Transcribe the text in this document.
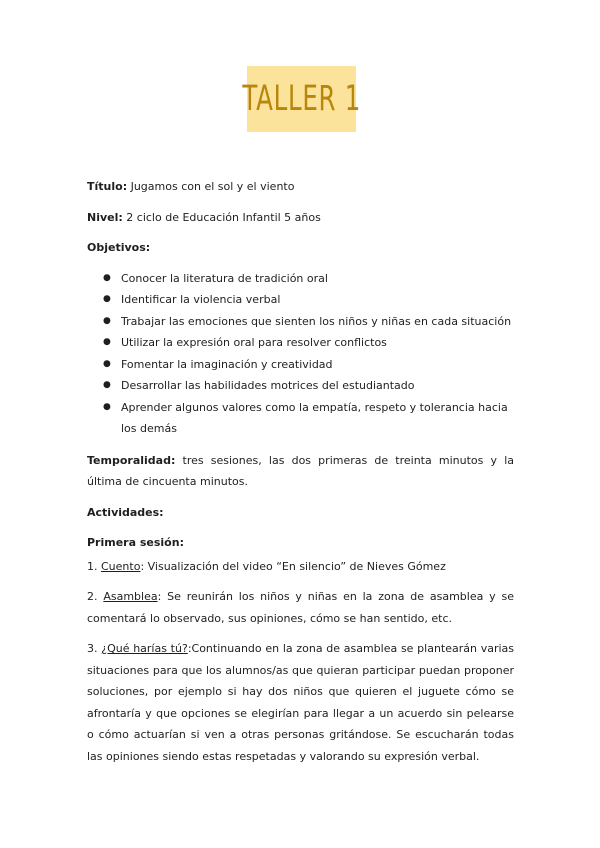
TALLER 1

Título: Jugamos con el sol y el viento

Nivel: 2 ciclo de Educación Infantil 5 años

Objetivos:

● Conocer la literatura de tradición oral
● Identificar la violencia verbal
● Trabajar las emociones que sienten los niños y niñas en cada situación
● Utilizar la expresión oral para resolver conflictos
● Fomentar la imaginación y creatividad
● Desarrollar las habilidades motrices del estudiantado
● Aprender algunos valores como la empatía, respeto y tolerancia hacia los demás

Temporalidad: tres sesiones, las dos primeras de treinta minutos y la última de cincuenta minutos.

Actividades:

Primera sesión:

1. Cuento: Visualización del video “En silencio” de Nieves Gómez

2. Asamblea: Se reunirán los niños y niñas en la zona de asamblea y se comentará lo observado, sus opiniones, cómo se han sentido, etc.

3. ¿Qué harías tú?:Continuando en la zona de asamblea se plantearán varias situaciones para que los alumnos/as que quieran participar puedan proponer soluciones, por ejemplo si hay dos niños que quieren el juguete cómo se afrontaría y que opciones se elegirían para llegar a un acuerdo sin pelearse o cómo actuarían si ven a otras personas gritándose. Se escucharán todas las opiniones siendo estas respetadas y valorando su expresión verbal.
